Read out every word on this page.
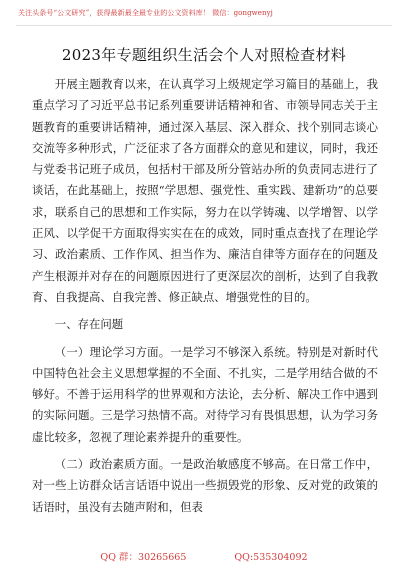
关注头条号“公文研究”，获得最新最全最专业的公文资料库！ 微信：gongwenyj
2023年专题组织生活会个人对照检查材料

开展主题教育以来，在认真学习上级规定学习篇目的基础上，我重点学习了习近平总书记系列重要讲话精神和省、市领导同志关于主题教育的重要讲话精神，通过深入基层、深入群众、找个别同志谈心交流等多种形式，广泛征求了各方面群众的意见和建议，同时，我还与党委书记班子成员，包括村干部及所分管站办所的负责同志进行了谈话，在此基础上，按照“学思想、强党性、重实践、建新功”的总要求，联系自己的思想和工作实际，努力在以学铸魂、以学增智、以学正风、以学促干方面取得实实在在的成效，同时重点查找了在理论学习、政治素质、工作作风、担当作为、廉洁自律等方面存在的问题及产生根源并对存在的问题原因进行了更深层次的剖析，达到了自我教育、自我提高、自我完善、修正缺点、增强党性的目的。

一、存在问题

（一）理论学习方面。一是学习不够深入系统。特别是对新时代中国特色社会主义思想掌握的不全面、不扎实，二是学用结合做的不够好。不善于运用科学的世界观和方法论，去分析、解决工作中遇到的实际问题。三是学习热情不高。对待学习有畏惧思想，认为学习务虚比较多，忽视了理论素养提升的重要性。

（二）政治素质方面。一是政治敏感度不够高。在日常工作中，对一些上访群众话言话语中说出一些损毁党的形象、反对党的政策的话语时，虽没有去随声附和，但表

QQ 群：30265665	QQ:535304092
